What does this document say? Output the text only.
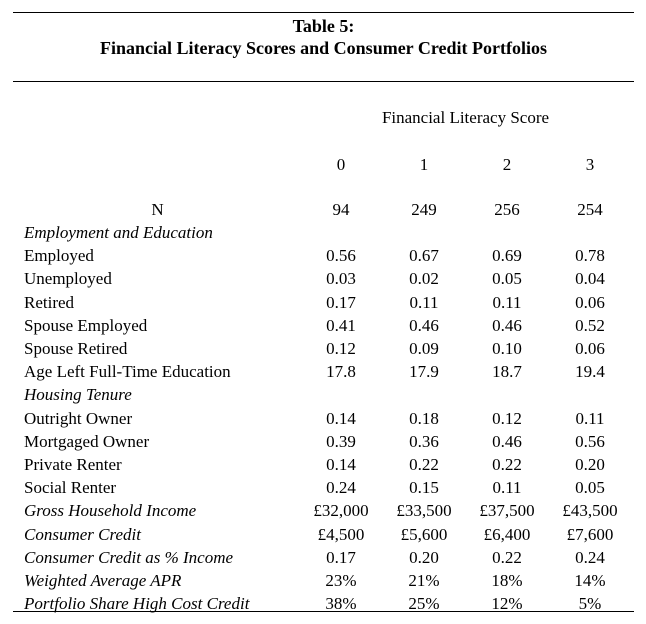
Table 5:
Financial Literacy Scores and Consumer Credit Portfolios
Financial Literacy Score
0	1	2	3
N	94	249	256	254
Employment and Education
Employed	0.56	0.67	0.69	0.78
Unemployed	0.03	0.02	0.05	0.04
Retired	0.17	0.11	0.11	0.06
Spouse Employed	0.41	0.46	0.46	0.52
Spouse Retired	0.12	0.09	0.10	0.06
Age Left Full-Time Education	17.8	17.9	18.7	19.4
Housing Tenure
Outright Owner	0.14	0.18	0.12	0.11
Mortgaged Owner	0.39	0.36	0.46	0.56
Private Renter	0.14	0.22	0.22	0.20
Social Renter	0.24	0.15	0.11	0.05
Gross Household Income	£32,000	£33,500	£37,500	£43,500
Consumer Credit	£4,500	£5,600	£6,400	£7,600
Consumer Credit as % Income	0.17	0.20	0.22	0.24
Weighted Average APR	23%	21%	18%	14%
Portfolio Share High Cost Credit	38%	25%	12%	5%
